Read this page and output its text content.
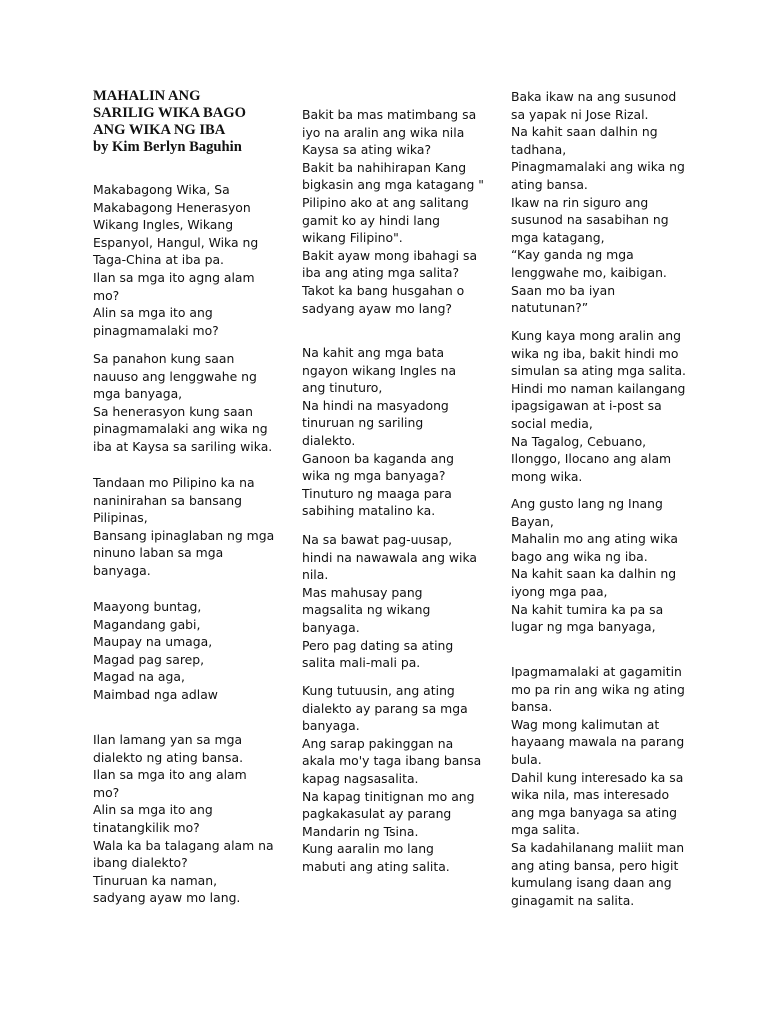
MAHALIN ANG
SARILIG WIKA BAGO
ANG WIKA NG IBA
by Kim Berlyn Baguhin
Makabagong Wika, Sa
Makabagong Henerasyon
Wikang Ingles, Wikang
Espanyol, Hangul, Wika ng
Taga-China at iba pa.
Ilan sa mga ito agng alam
mo?
Alin sa mga ito ang
pinagmamalaki mo?
Sa panahon kung saan
nauuso ang lenggwahe ng
mga banyaga,
Sa henerasyon kung saan
pinagmamalaki ang wika ng
iba at Kaysa sa sariling wika.
Tandaan mo Pilipino ka na
naninirahan sa bansang
Pilipinas,
Bansang ipinaglaban ng mga
ninuno laban sa mga
banyaga.
Maayong buntag,
Magandang gabi,
Maupay na umaga,
Magad pag sarep,
Magad na aga,
Maimbad nga adlaw
Ilan lamang yan sa mga
dialekto ng ating bansa.
Ilan sa mga ito ang alam
mo?
Alin sa mga ito ang
tinatangkilik mo?
Wala ka ba talagang alam na
ibang dialekto?
Tinuruan ka naman,
sadyang ayaw mo lang.
Bakit ba mas matimbang sa
iyo na aralin ang wika nila
Kaysa sa ating wika?
Bakit ba nahihirapan Kang
bigkasin ang mga katagang "
Pilipino ako at ang salitang
gamit ko ay hindi lang
wikang Filipino".
Bakit ayaw mong ibahagi sa
iba ang ating mga salita?
Takot ka bang husgahan o
sadyang ayaw mo lang?
Na kahit ang mga bata
ngayon wikang Ingles na
ang tinuturo,
Na hindi na masyadong
tinuruan ng sariling
dialekto.
Ganoon ba kaganda ang
wika ng mga banyaga?
Tinuturo ng maaga para
sabihing matalino ka.
Na sa bawat pag-uusap,
hindi na nawawala ang wika
nila.
Mas mahusay pang
magsalita ng wikang
banyaga.
Pero pag dating sa ating
salita mali-mali pa.
Kung tutuusin, ang ating
dialekto ay parang sa mga
banyaga.
Ang sarap pakinggan na
akala mo'y taga ibang bansa
kapag nagsasalita.
Na kapag tinitignan mo ang
pagkakasulat ay parang
Mandarin ng Tsina.
Kung aaralin mo lang
mabuti ang ating salita.
Baka ikaw na ang susunod
sa yapak ni Jose Rizal.
Na kahit saan dalhin ng
tadhana,
Pinagmamalaki ang wika ng
ating bansa.
Ikaw na rin siguro ang
susunod na sasabihan ng
mga katagang,
“Kay ganda ng mga
lenggwahe mo, kaibigan.
Saan mo ba iyan
natutunan?”
Kung kaya mong aralin ang
wika ng iba, bakit hindi mo
simulan sa ating mga salita.
Hindi mo naman kailangang
ipagsigawan at i-post sa
social media,
Na Tagalog, Cebuano,
Ilonggo, Ilocano ang alam
mong wika.
Ang gusto lang ng Inang
Bayan,
Mahalin mo ang ating wika
bago ang wika ng iba.
Na kahit saan ka dalhin ng
iyong mga paa,
Na kahit tumira ka pa sa
lugar ng mga banyaga,
Ipagmamalaki at gagamitin
mo pa rin ang wika ng ating
bansa.
Wag mong kalimutan at
hayaang mawala na parang
bula.
Dahil kung interesado ka sa
wika nila, mas interesado
ang mga banyaga sa ating
mga salita.
Sa kadahilanang maliit man
ang ating bansa, pero higit
kumulang isang daan ang
ginagamit na salita.
